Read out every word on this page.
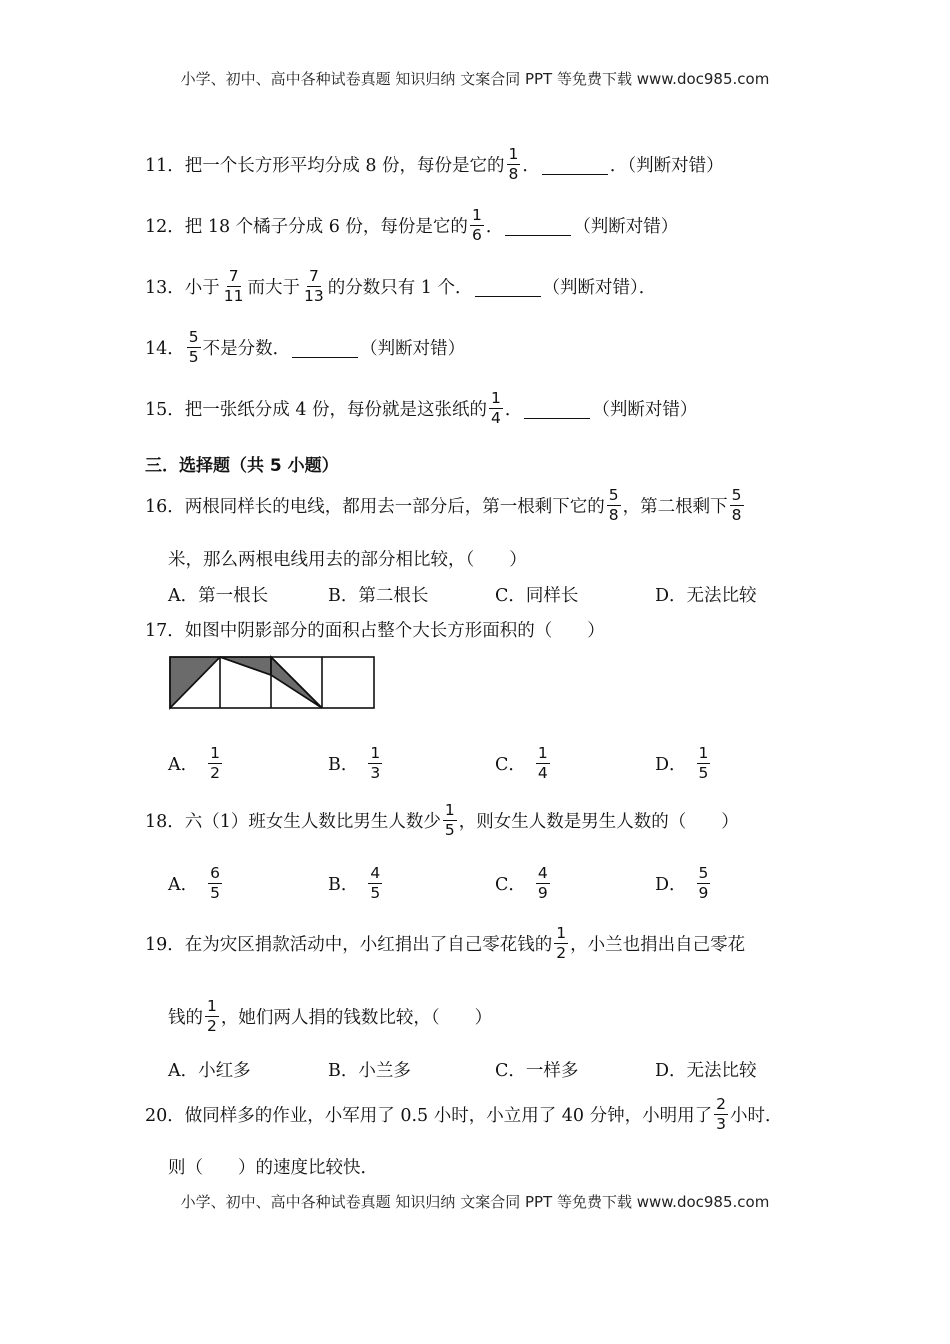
小学、初中、高中各种试卷真题 知识归纳 文案合同 PPT 等免费下载 www.doc985.com
11． 把一个长方形平均分成 8 份，每份是它的 $\frac{1}{8}$ ．	．（判断对错）
12． 把 18 个橘子分成 6 份，每份是它的 $\frac{1}{6}$ ．	（判断对错）
13． 小于 $\frac{7}{11}$ 而大于 $\frac{7}{13}$ 的分数只有 1 个．	（判断对错）．
14． $\frac{5}{5}$ 不是分数．	（判断对错）
15． 把一张纸分成 4 份，每份就是这张纸的 $\frac{1}{4}$ ．	（判断对错）
三．选择题（共 5 小题）
16． 两根同样长的电线，都用去一部分后，第一根剩下它的 $\frac{5}{8}$ ，第二根剩下 $\frac{5}{8}$
米，那么两根电线用去的部分相比较，（　　）
A．第一根长	B．第二根长	C．同样长	D．无法比较
17． 如图中阴影部分的面积占整个大长方形面积的（　　）
A． $\frac{1}{2}$	B． $\frac{1}{3}$	C． $\frac{1}{4}$	D． $\frac{1}{5}$
18． 六（1）班女生人数比男生人数少 $\frac{1}{5}$ ，则女生人数是男生人数的（　　）
A． $\frac{6}{5}$	B． $\frac{4}{5}$	C． $\frac{4}{9}$	D． $\frac{5}{9}$
19． 在为灾区捐款活动中，小红捐出了自己零花钱的 $\frac{1}{2}$ ，小兰也捐出自己零花
钱的 $\frac{1}{2}$ ，她们两人捐的钱数比较，（　　）
A．小红多	B．小兰多	C．一样多	D．无法比较
20． 做同样多的作业，小军用了 0.5 小时，小立用了 40 分钟，小明用了 $\frac{2}{3}$ 小时．
则（　　）的速度比较快．
小学、初中、高中各种试卷真题 知识归纳 文案合同 PPT 等免费下载 www.doc985.com
